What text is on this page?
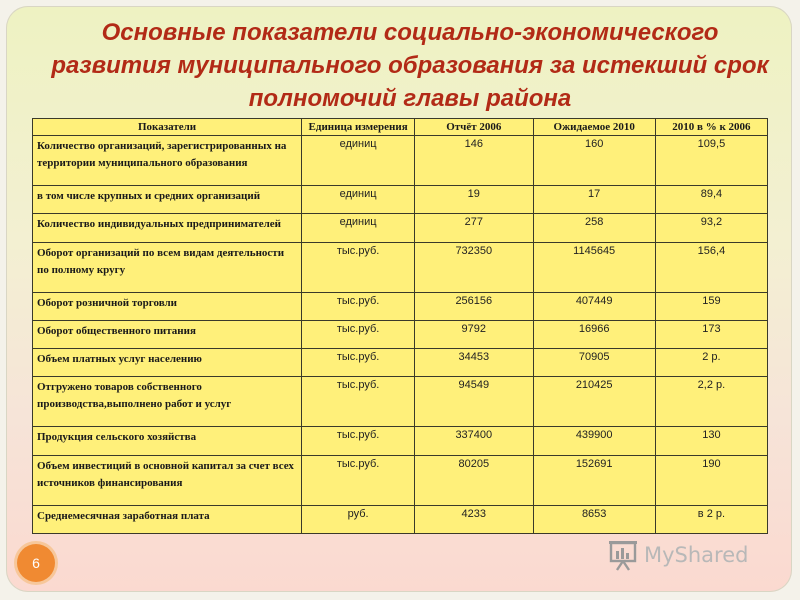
Основные показатели социально-экономического развития муниципального образования за истекший срок полномочий главы района
Показатели	Единица измерения	Отчёт 2006	Ожидаемое 2010	2010 в % к 2006
Количество организаций, зарегистрированных на территории муниципального образования	единиц	146	160	109,5
в том числе крупных и средних организаций	единиц	19	17	89,4
Количество индивидуальных предпринимателей	единиц	277	258	93,2
Оборот организаций по всем видам деятельности по полному кругу	тыс.руб.	732350	1145645	156,4
Оборот розничной торговли	тыс.руб.	256156	407449	159
Оборот общественного питания	тыс.руб.	9792	16966	173
Объем платных услуг населению	тыс.руб.	34453	70905	2 р.
Отгружено товаров собственного производства,выполнено работ и услуг	тыс.руб.	94549	210425	2,2 р.
Продукция сельского хозяйства	тыс.руб.	337400	439900	130
Объем инвестиций в основной капитал за счет всех источников финансирования	тыс.руб.	80205	152691	190
Среднемесячная заработная плата	руб.	4233	8653	в 2 р.
6	MyShared
